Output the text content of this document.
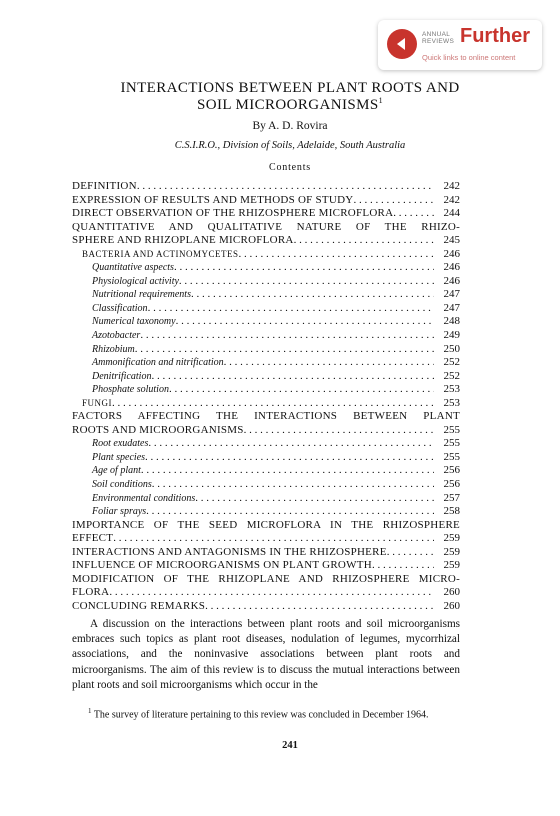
ANNUAL
REVIEWS Further
Quick links to online content
INTERACTIONS BETWEEN PLANT ROOTS AND
SOIL MICROORGANISMS$^1$
By A. D. Rovira
C.S.I.R.O., Division of Soils, Adelaide, South Australia
Contents
DEFINITION . . .	242
EXPRESSION OF RESULTS AND METHODS OF STUDY . . .	242
DIRECT OBSERVATION OF THE RHIZOSPHERE MICROFLORA . . .	244
QUANTITATIVE AND QUALITATIVE NATURE OF THE RHIZO-
SPHERE AND RHIZOPLANE MICROFLORA . . .	245
BACTERIA AND ACTINOMYCETES . . .	246
Quantitative aspects . . .	246
Physiological activity . . .	246
Nutritional requirements . . .	247
Classification . . .	247
Numerical taxonomy . . .	248
Azotobacter . . .	249
Rhizobium . . .	250
Ammonification and nitrification . . .	252
Denitrification . . .	252
Phosphate solution . . .	253
FUNGI . . .	253
FACTORS AFFECTING THE INTERACTIONS BETWEEN PLANT
ROOTS AND MICROORGANISMS . . .	255
Root exudates . . .	255
Plant species . . .	255
Age of plant . . .	256
Soil conditions . . .	256
Environmental conditions . . .	257
Foliar sprays . . .	258
IMPORTANCE OF THE SEED MICROFLORA IN THE RHIZOSPHERE
EFFECT . . .	259
INTERACTIONS AND ANTAGONISMS IN THE RHIZOSPHERE . . .	259
INFLUENCE OF MICROORGANISMS ON PLANT GROWTH . . .	259
MODIFICATION OF THE RHIZOPLANE AND RHIZOSPHERE MICRO-
FLORA . . .	260
CONCLUDING REMARKS . . .	260

A discussion on the interactions between plant roots and soil microorganisms embraces such topics as plant root diseases, nodulation of legumes, mycorrhizal associations, and the noninvasive associations between plant roots and microorganisms. The aim of this review is to discuss the mutual interactions between plant roots and soil microorganisms which occur in the

$^1$ The survey of literature pertaining to this review was concluded in December 1964.

241
